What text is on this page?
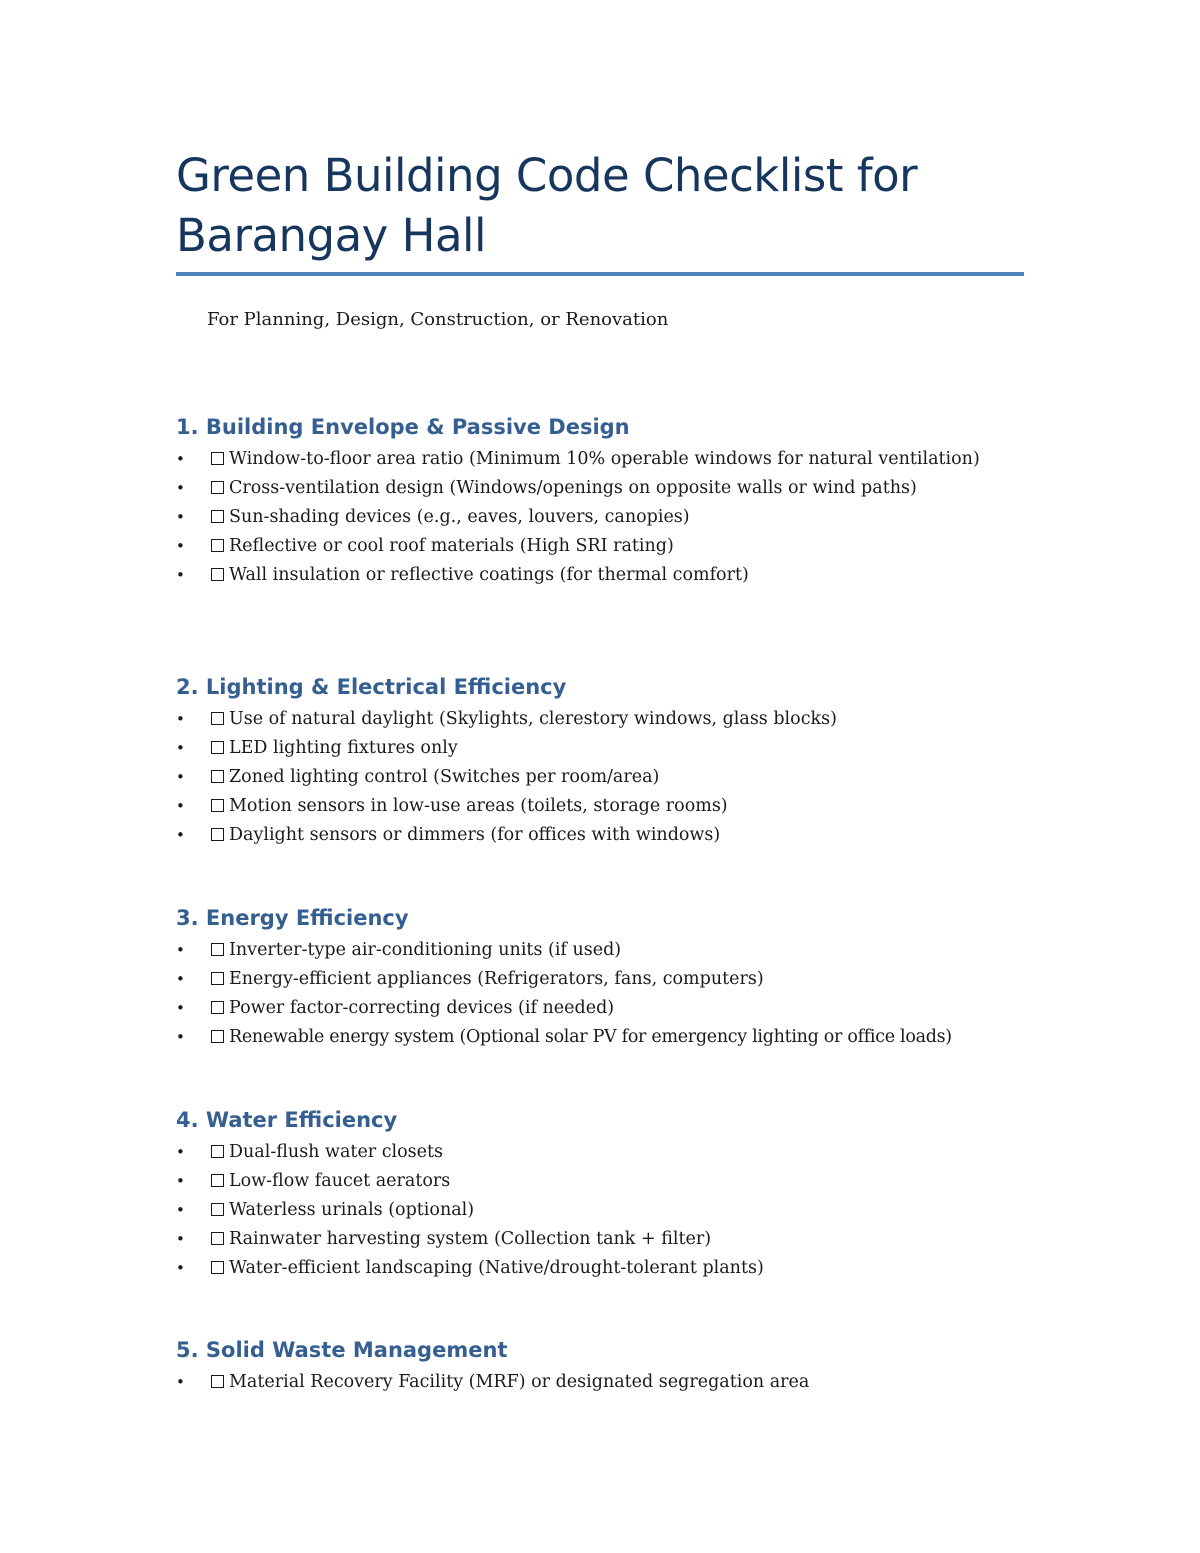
Green Building Code Checklist for Barangay Hall

For Planning, Design, Construction, or Renovation

1. Building Envelope & Passive Design
•	Window-to-floor area ratio (Minimum 10% operable windows for natural ventilation)
•	Cross-ventilation design (Windows/openings on opposite walls or wind paths)
•	Sun-shading devices (e.g., eaves, louvers, canopies)
•	Reflective or cool roof materials (High SRI rating)
•	Wall insulation or reflective coatings (for thermal comfort)
2. Lighting & Electrical Efficiency
•	Use of natural daylight (Skylights, clerestory windows, glass blocks)
•	LED lighting fixtures only
•	Zoned lighting control (Switches per room/area)
•	Motion sensors in low-use areas (toilets, storage rooms)
•	Daylight sensors or dimmers (for offices with windows)
3. Energy Efficiency
•	Inverter-type air-conditioning units (if used)
•	Energy-efficient appliances (Refrigerators, fans, computers)
•	Power factor-correcting devices (if needed)
•	Renewable energy system (Optional solar PV for emergency lighting or office loads)
4. Water Efficiency
•	Dual-flush water closets
•	Low-flow faucet aerators
•	Waterless urinals (optional)
•	Rainwater harvesting system (Collection tank + filter)
•	Water-efficient landscaping (Native/drought-tolerant plants)
5. Solid Waste Management
•	Material Recovery Facility (MRF) or designated segregation area
